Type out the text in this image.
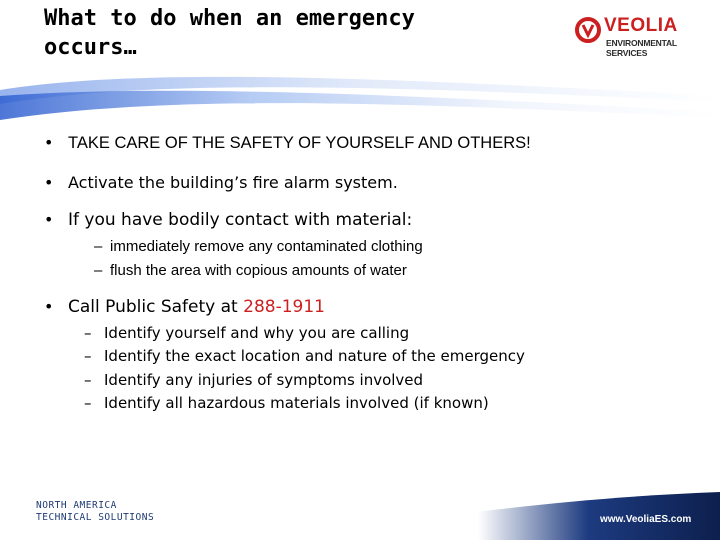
What to do when an emergency
occurs…
VEOLIA
ENVIRONMENTAL
SERVICES
• TAKE CARE OF THE SAFETY OF YOURSELF AND OTHERS!
• Activate the building’s fire alarm system.
• If you have bodily contact with material:
– immediately remove any contaminated clothing
– flush the area with copious amounts of water
• Call Public Safety at 288-1911
– Identify yourself and why you are calling
– Identify the exact location and nature of the emergency
– Identify any injuries of symptoms involved
– Identify all hazardous materials involved (if known)
NORTH AMERICA
TECHNICAL SOLUTIONS	www.VeoliaES.com
